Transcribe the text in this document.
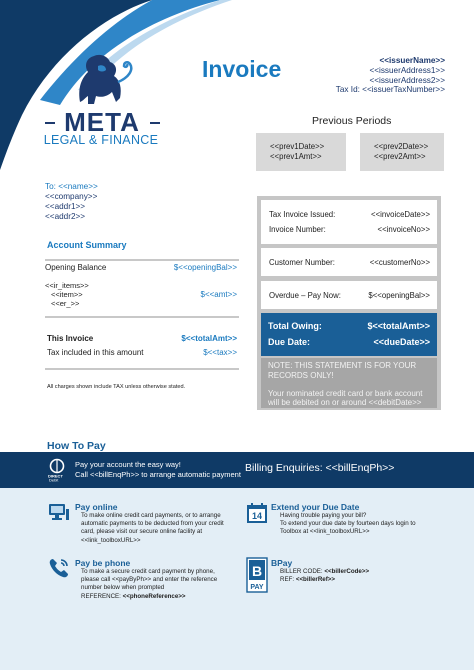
META
LEGAL & FINANCE
Invoice	<<issuerName>>
<<issuerAddress1>>
<<issuerAddress2>>
Tax Id: <<issuerTaxNumber>>
Previous Periods
<<prev1Date>>
<<prev1Amt>>
<<prev2Date>>
<<prev2Amt>>
To: <<name>>
<<company>>
<<addr1>>
<<addr2>>
Account Summary
Opening Balance	$<<openingBal>>
<<ir_items>>
<<item>>	$<<amt>>
<<er_>>
This Invoice	$<<totalAmt>>
Tax included in this amount	$<<tax>>
All charges shown include TAX unless otherwise stated.
Tax Invoice Issued:	<<invoiceDate>>
Invoice Number:	<<invoiceNo>>
Customer Number:	<<customerNo>>
Overdue – Pay Now:	$<<openingBal>>
Total Owing:	$<<totalAmt>>
Due Date:	<<dueDate>>
NOTE: THIS STATEMENT IS FOR YOUR
RECORDS ONLY!
Your nominated credit card or bank account
will be debited on or around <<debitDate>>
How To Pay
DIRECT
Debit
Pay your account the easy way!
Call <<billEnqPh>> to arrange automatic payment
Billing Enquiries: <<billEnqPh>>
Pay online
To make online credit card payments, or to arrange
automatic payments to be deducted from your credit
card, please visit our secure online facility at
<<link_toolboxURL>>
14
Extend your Due Date
Having trouble paying your bill?
To extend your due date by fourteen days login to
Toolbox at <<link_toolboxURL>>
Pay be phone
To make a secure credit card payment by phone,
please call <<payByPh>> and enter the reference
number below when prompted
REFERENCE: <<phoneReference>>
B
PAY
BPay
BILLER CODE: <<billerCode>>
REF: <<billerRef>>
